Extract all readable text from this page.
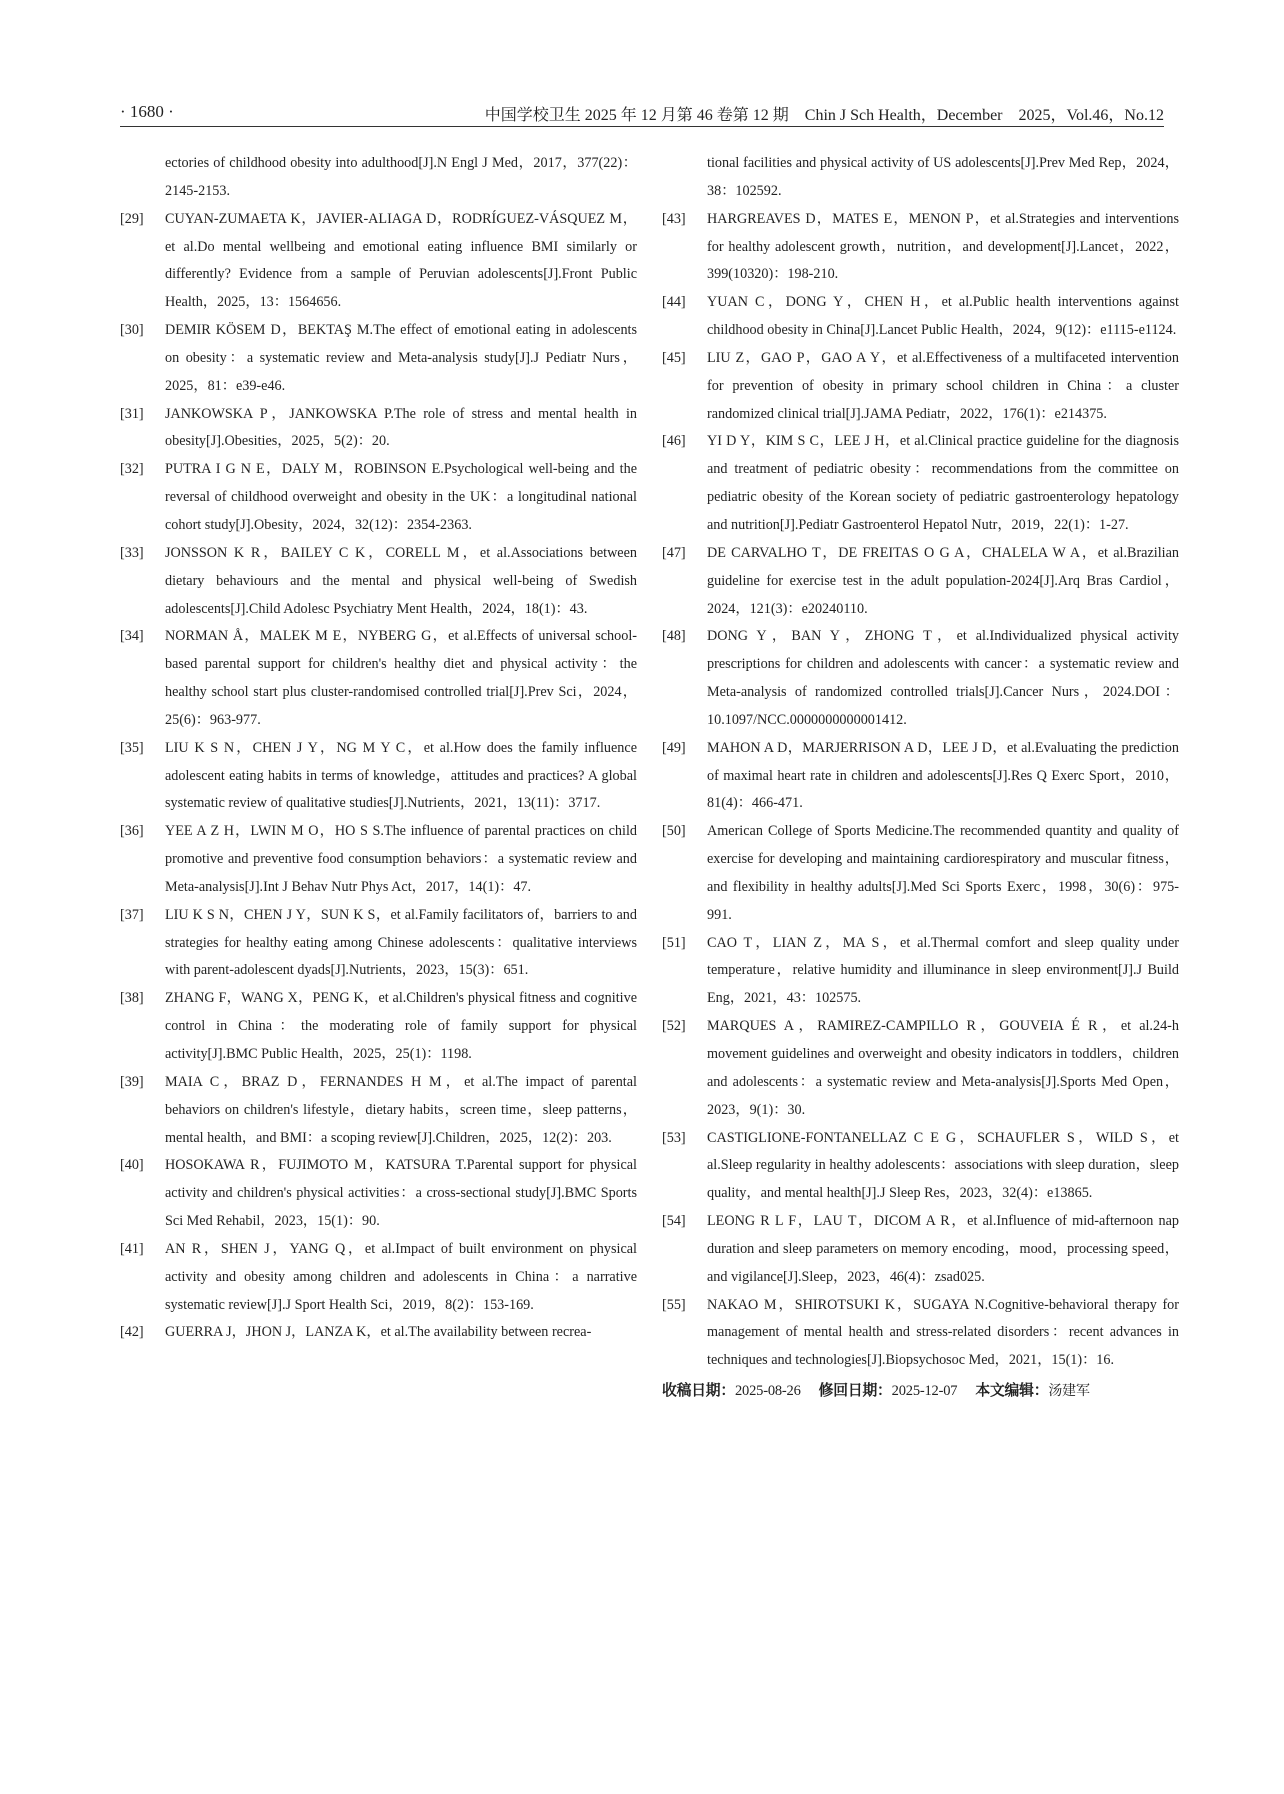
· 1680 ·	中国学校卫生 2025 年 12 月第 46 卷第 12 期　Chin J Sch Health，December　2025，Vol.46，No.12
ectories of childhood obesity into adulthood[J].N Engl J Med，2017，377(22)：2145-2153.
[29] CUYAN-ZUMAETA K，JAVIER-ALIAGA D，RODRÍGUEZ-VÁSQUEZ M，et al.Do mental wellbeing and emotional eating influence BMI similarly or differently? Evidence from a sample of Peruvian adolescents[J].Front Public Health，2025，13：1564656.
[30] DEMIR KÖSEM D，BEKTAŞ M.The effect of emotional eating in adolescents on obesity：a systematic review and Meta-analysis study[J].J Pediatr Nurs，2025，81：e39-e46.
[31] JANKOWSKA P，JANKOWSKA P.The role of stress and mental health in obesity[J].Obesities，2025，5(2)：20.
[32] PUTRA I G N E，DALY M，ROBINSON E.Psychological well-being and the reversal of childhood overweight and obesity in the UK：a longitudinal national cohort study[J].Obesity，2024，32(12)：2354-2363.
[33] JONSSON K R，BAILEY C K，CORELL M，et al.Associations between dietary behaviours and the mental and physical well-being of Swedish adolescents[J].Child Adolesc Psychiatry Ment Health，2024，18(1)：43.
[34] NORMAN Å，MALEK M E，NYBERG G，et al.Effects of universal school-based parental support for children's healthy diet and physical activity：the healthy school start plus cluster-randomised controlled trial[J].Prev Sci，2024，25(6)：963-977.
[35] LIU K S N，CHEN J Y，NG M Y C，et al.How does the family influence adolescent eating habits in terms of knowledge，attitudes and practices? A global systematic review of qualitative studies[J].Nutrients，2021，13(11)：3717.
[36] YEE A Z H，LWIN M O，HO S S.The influence of parental practices on child promotive and preventive food consumption behaviors：a systematic review and Meta-analysis[J].Int J Behav Nutr Phys Act，2017，14(1)：47.
[37] LIU K S N，CHEN J Y，SUN K S，et al.Family facilitators of，barriers to and strategies for healthy eating among Chinese adolescents：qualitative interviews with parent-adolescent dyads[J].Nutrients，2023，15(3)：651.
[38] ZHANG F，WANG X，PENG K，et al.Children's physical fitness and cognitive control in China：the moderating role of family support for physical activity[J].BMC Public Health，2025，25(1)：1198.
[39] MAIA C，BRAZ D，FERNANDES H M，et al.The impact of parental behaviors on children's lifestyle，dietary habits，screen time，sleep patterns，mental health，and BMI：a scoping review[J].Children，2025，12(2)：203.
[40] HOSOKAWA R，FUJIMOTO M，KATSURA T.Parental support for physical activity and children's physical activities：a cross-sectional study[J].BMC Sports Sci Med Rehabil，2023，15(1)：90.
[41] AN R，SHEN J，YANG Q，et al.Impact of built environment on physical activity and obesity among children and adolescents in China：a narrative systematic review[J].J Sport Health Sci，2019，8(2)：153-169.
[42] GUERRA J，JHON J，LANZA K，et al.The availability between recrea-
tional facilities and physical activity of US adolescents[J].Prev Med Rep，2024，38：102592.
[43] HARGREAVES D，MATES E，MENON P，et al.Strategies and interventions for healthy adolescent growth，nutrition，and development[J].Lancet，2022，399(10320)：198-210.
[44] YUAN C，DONG Y，CHEN H，et al.Public health interventions against childhood obesity in China[J].Lancet Public Health，2024，9(12)：e1115-e1124.
[45] LIU Z，GAO P，GAO A Y，et al.Effectiveness of a multifaceted intervention for prevention of obesity in primary school children in China：a cluster randomized clinical trial[J].JAMA Pediatr，2022，176(1)：e214375.
[46] YI D Y，KIM S C，LEE J H，et al.Clinical practice guideline for the diagnosis and treatment of pediatric obesity：recommendations from the committee on pediatric obesity of the Korean society of pediatric gastroenterology hepatology and nutrition[J].Pediatr Gastroenterol Hepatol Nutr，2019，22(1)：1-27.
[47] DE CARVALHO T，DE FREITAS O G A，CHALELA W A，et al.Brazilian guideline for exercise test in the adult population-2024[J].Arq Bras Cardiol，2024，121(3)：e20240110.
[48] DONG Y，BAN Y，ZHONG T，et al.Individualized physical activity prescriptions for children and adolescents with cancer：a systematic review and Meta-analysis of randomized controlled trials[J].Cancer Nurs，2024.DOI：10.1097/NCC.0000000000001412.
[49] MAHON A D，MARJERRISON A D，LEE J D，et al.Evaluating the prediction of maximal heart rate in children and adolescents[J].Res Q Exerc Sport，2010，81(4)：466-471.
[50] American College of Sports Medicine.The recommended quantity and quality of exercise for developing and maintaining cardiorespiratory and muscular fitness，and flexibility in healthy adults[J].Med Sci Sports Exerc，1998，30(6)：975-991.
[51] CAO T，LIAN Z，MA S，et al.Thermal comfort and sleep quality under temperature，relative humidity and illuminance in sleep environment[J].J Build Eng，2021，43：102575.
[52] MARQUES A，RAMIREZ-CAMPILLO R，GOUVEIA É R，et al.24-h movement guidelines and overweight and obesity indicators in toddlers，children and adolescents：a systematic review and Meta-analysis[J].Sports Med Open，2023，9(1)：30.
[53] CASTIGLIONE-FONTANELLAZ C E G，SCHAUFLER S，WILD S，et al.Sleep regularity in healthy adolescents：associations with sleep duration，sleep quality，and mental health[J].J Sleep Res，2023，32(4)：e13865.
[54] LEONG R L F，LAU T，DICOM A R，et al.Influence of mid-afternoon nap duration and sleep parameters on memory encoding，mood，processing speed，and vigilance[J].Sleep，2023，46(4)：zsad025.
[55] NAKAO M，SHIROTSUKI K，SUGAYA N.Cognitive-behavioral therapy for management of mental health and stress-related disorders：recent advances in techniques and technologies[J].Biopsychosoc Med，2021，15(1)：16.
收稿日期：2025-08-26 修回日期：2025-12-07 本文编辑：汤建军
